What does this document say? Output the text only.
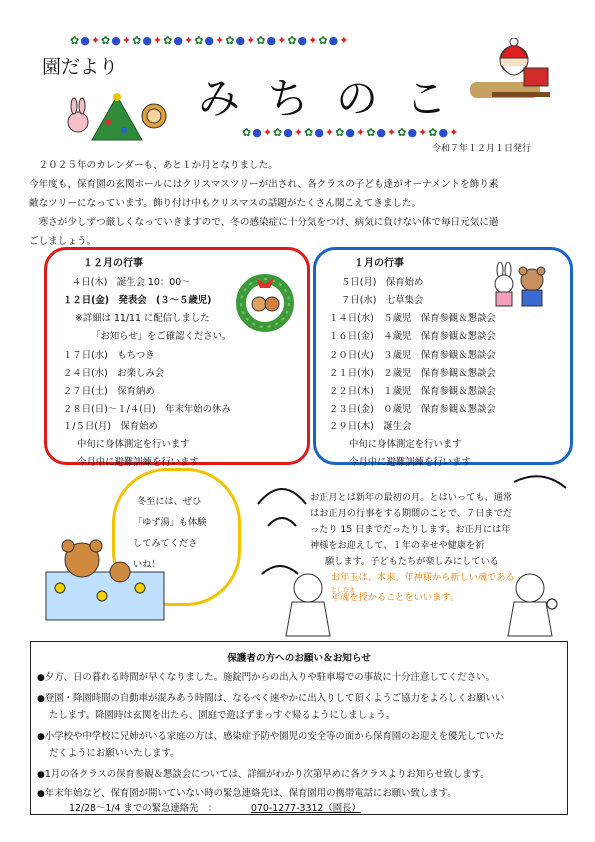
✿●✦✿●✦✿●✦✿●✦✿●✦✿●✦✿●✦✿●✦✿●✦
✿●✦✿●✦✿●✦✿●✦✿●✦✿●✦✿●✦
園だより
みちのこ
令和７年１２月１日発行
　２０２５年のカレンダーも、あと１か月となりました。
今年度も、保育園の玄関ホールにはクリスマスツリーが出され、各クラスの子ども達がオーナメントを飾り素
敵なツリーになっています。飾り付け中もクリスマスの話題がたくさん聞こえてきました。
　寒さが少しずつ厳しくなっていきますので、冬の感染症に十分気をつけ、病気に負けない体で毎日元気に過
ごしましょう。
１２月の行事
４日(木)　誕生会 10：00～
１２日(金)　発表会　(３～５歳児)
※詳細は 11/11 に配信しました
「お知らせ」をご確認ください。
１７日(水)　もちつき
２４日(水)　お楽しみ会
２７日(土)　保育納め
２８日(日)～１/４(日)　年末年始の休み
１/５日(月)　保育始め
中旬に身体測定を行います
今月中に避難訓練を行います
１月の行事
５日(月)　保育始め
７日(水)　七草集会
１４日(水)　５歳児　保育参観＆懇談会
１６日(金)　４歳児　保育参観＆懇談会
２０日(火)　３歳児　保育参観＆懇談会
２１日(水)　２歳児　保育参観＆懇談会
２２日(木)　１歳児　保育参観＆懇談会
２３日(金)　０歳児　保育参観＆懇談会
２９日(木)　誕生会
中旬に身体測定を行います
今月中に避難訓練を行います
冬至には、ぜひ
「ゆず湯」も体験
してみてくださ
いね！
お正月とは新年の最初の月。とはいっても、通常
はお正月の行事をする期間のことで、７日までだ
ったり 15 日までだったりします。お正月には年
神様をお迎えして、１年の幸せや健康を祈
願します。子どもたちが楽しみにしている
お年玉は、本来、年神様から新しい魂である
としだま
年魂を授かることをいいます。
保護者の方へのお願い＆お知らせ
●夕方、日の暮れる時間が早くなりました。施錠門からの出入りや駐車場での事故に十分注意してください。
●登園・降園時間の自動車が混みあう時間は、なるべく速やかに出入りして頂くようご協力をよろしくお願いい
たします。降園時は玄関を出たら、園庭で遊ばずまっすぐ帰るようにしましょう。
●小学校や中学校に兄姉がいる家庭の方は、感染症予防や園児の安全等の面から保育園のお迎えを優先していた
だくようにお願いいたします。
●1月の各クラスの保育参観＆懇談会については、詳細がわかり次第早めに各クラスよりお知らせ致します。
●年末年始など、保育園が開いていない時の緊急連絡先は、保育園用の携帯電話にお願い致します。
12/28～1/4 までの緊急連絡先　：	070-1277-3312（園長）
